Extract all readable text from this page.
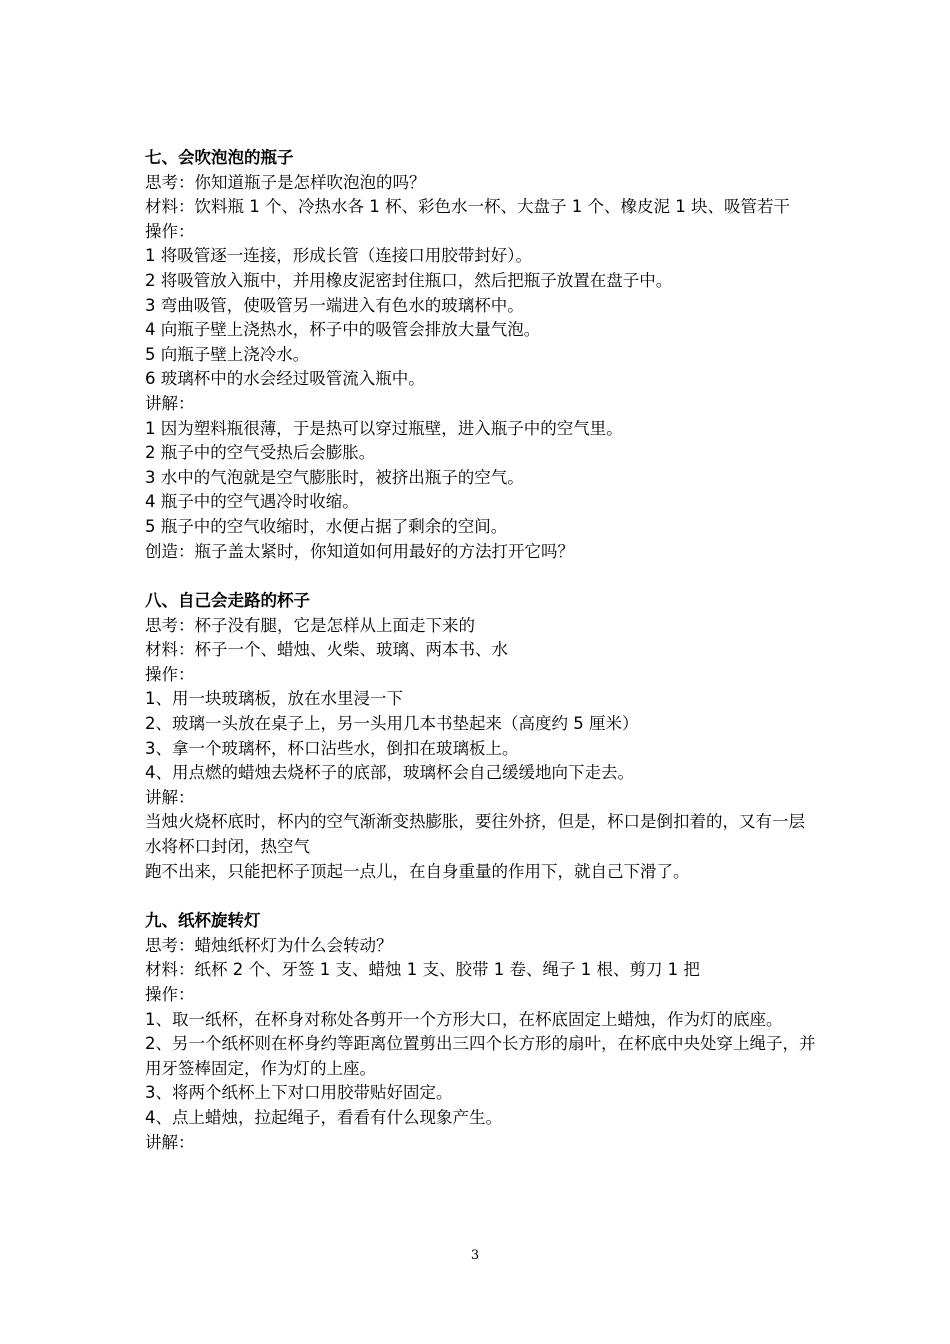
七、会吹泡泡的瓶子
思考：你知道瓶子是怎样吹泡泡的吗？
材料：饮料瓶 1 个、冷热水各 1 杯、彩色水一杯、大盘子 1 个、橡皮泥 1 块、吸管若干
操作：
1 将吸管逐一连接，形成长管（连接口用胶带封好）。
2 将吸管放入瓶中，并用橡皮泥密封住瓶口，然后把瓶子放置在盘子中。
3 弯曲吸管，使吸管另一端进入有色水的玻璃杯中。
4 向瓶子壁上浇热水，杯子中的吸管会排放大量气泡。
5 向瓶子壁上浇冷水。
6 玻璃杯中的水会经过吸管流入瓶中。
讲解：
1 因为塑料瓶很薄，于是热可以穿过瓶壁，进入瓶子中的空气里。
2 瓶子中的空气受热后会膨胀。
3 水中的气泡就是空气膨胀时，被挤出瓶子的空气。
4 瓶子中的空气遇冷时收缩。
5 瓶子中的空气收缩时，水便占据了剩余的空间。
创造：瓶子盖太紧时，你知道如何用最好的方法打开它吗？
八、自己会走路的杯子
思考：杯子没有腿，它是怎样从上面走下来的
材料：杯子一个、蜡烛、火柴、玻璃、两本书、水
操作：
1、用一块玻璃板，放在水里浸一下
2、玻璃一头放在桌子上，另一头用几本书垫起来（高度约 5 厘米）
3、拿一个玻璃杯，杯口沾些水，倒扣在玻璃板上。
4、用点燃的蜡烛去烧杯子的底部，玻璃杯会自己缓缓地向下走去。
讲解：
当烛火烧杯底时，杯内的空气渐渐变热膨胀，要往外挤，但是，杯口是倒扣着的，又有一层水将杯口封闭，热空气
跑不出来，只能把杯子顶起一点儿，在自身重量的作用下，就自己下滑了。
九、纸杯旋转灯
思考：蜡烛纸杯灯为什么会转动？
材料：纸杯 2 个、牙签 1 支、蜡烛 1 支、胶带 1 卷、绳子 1 根、剪刀 1 把
操作：
1、取一纸杯，在杯身对称处各剪开一个方形大口，在杯底固定上蜡烛，作为灯的底座。
2、另一个纸杯则在杯身约等距离位置剪出三四个长方形的扇叶，在杯底中央处穿上绳子，并用牙签棒固定，作为灯的上座。
3、将两个纸杯上下对口用胶带贴好固定。
4、点上蜡烛，拉起绳子，看看有什么现象产生。
讲解：
3
